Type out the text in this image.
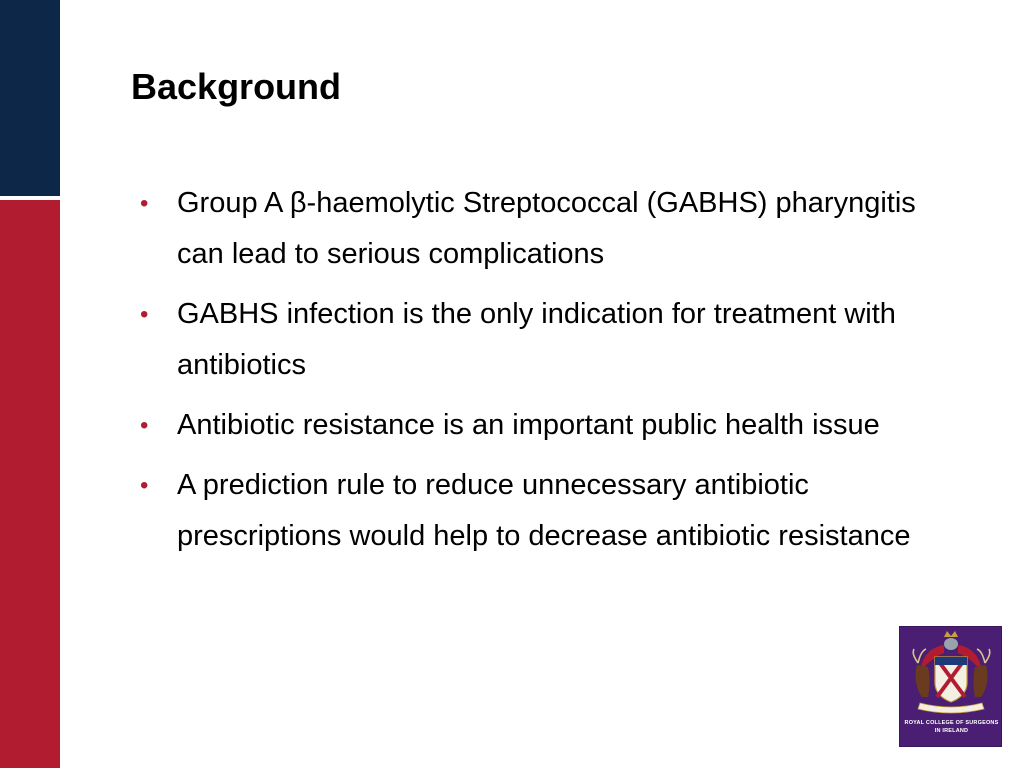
Background
• Group A β-haemolytic Streptococcal (GABHS) pharyngitis can lead to serious complications
• GABHS infection is the only indication for treatment with antibiotics
• Antibiotic resistance is an important public health issue
• A prediction rule to reduce unnecessary antibiotic prescriptions would help to decrease antibiotic resistance
ROYAL COLLEGE OF SURGEONS
IN IRELAND
